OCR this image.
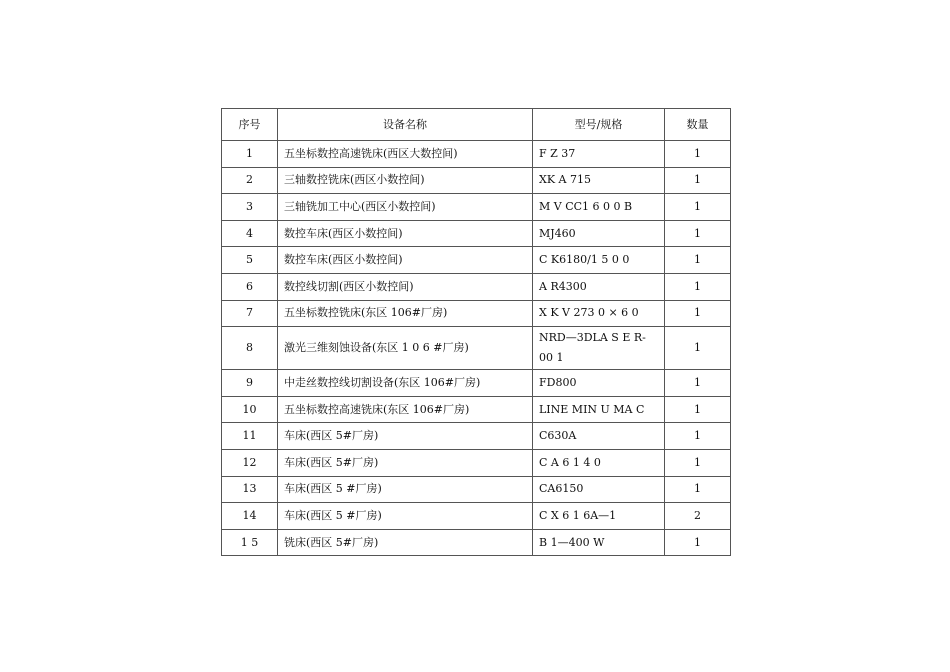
序号	设备名称	型号/规格	数量
1	五坐标数控高速铣床(西区大数控间)	F Z 37	1
2	三轴数控铣床(西区小数控间)	XK A 715	1
3	三轴铣加工中心(西区小数控间)	M V CC1 6 0 0 B	1
4	数控车床(西区小数控间)	MJ460	1
5	数控车床(西区小数控间)	C K6180/1 5 0 0	1
6	数控线切割(西区小数控间)	A R4300	1
7	五坐标数控铣床(东区 106#厂房)	X K V 273 0 × 6 0	1
8	激光三维刻蚀设备(东区 1 0 6 #厂房)	NRD—3DLA S E R-00 1	1
9	中走丝数控线切割设备(东区 106#厂房)	FD800	1
10	五坐标数控高速铣床(东区 106#厂房)	LINE MIN U MA C	1
11	车床(西区 5#厂房)	C630A	1
12	车床(西区 5#厂房)	C A 6 1 4 0	1
13	车床(西区 5 #厂房)	CA6150	1
14	车床(西区 5 #厂房)	C X 6 1 6A—1	2
1 5	铣床(西区 5#厂房)	B 1—400 W	1
